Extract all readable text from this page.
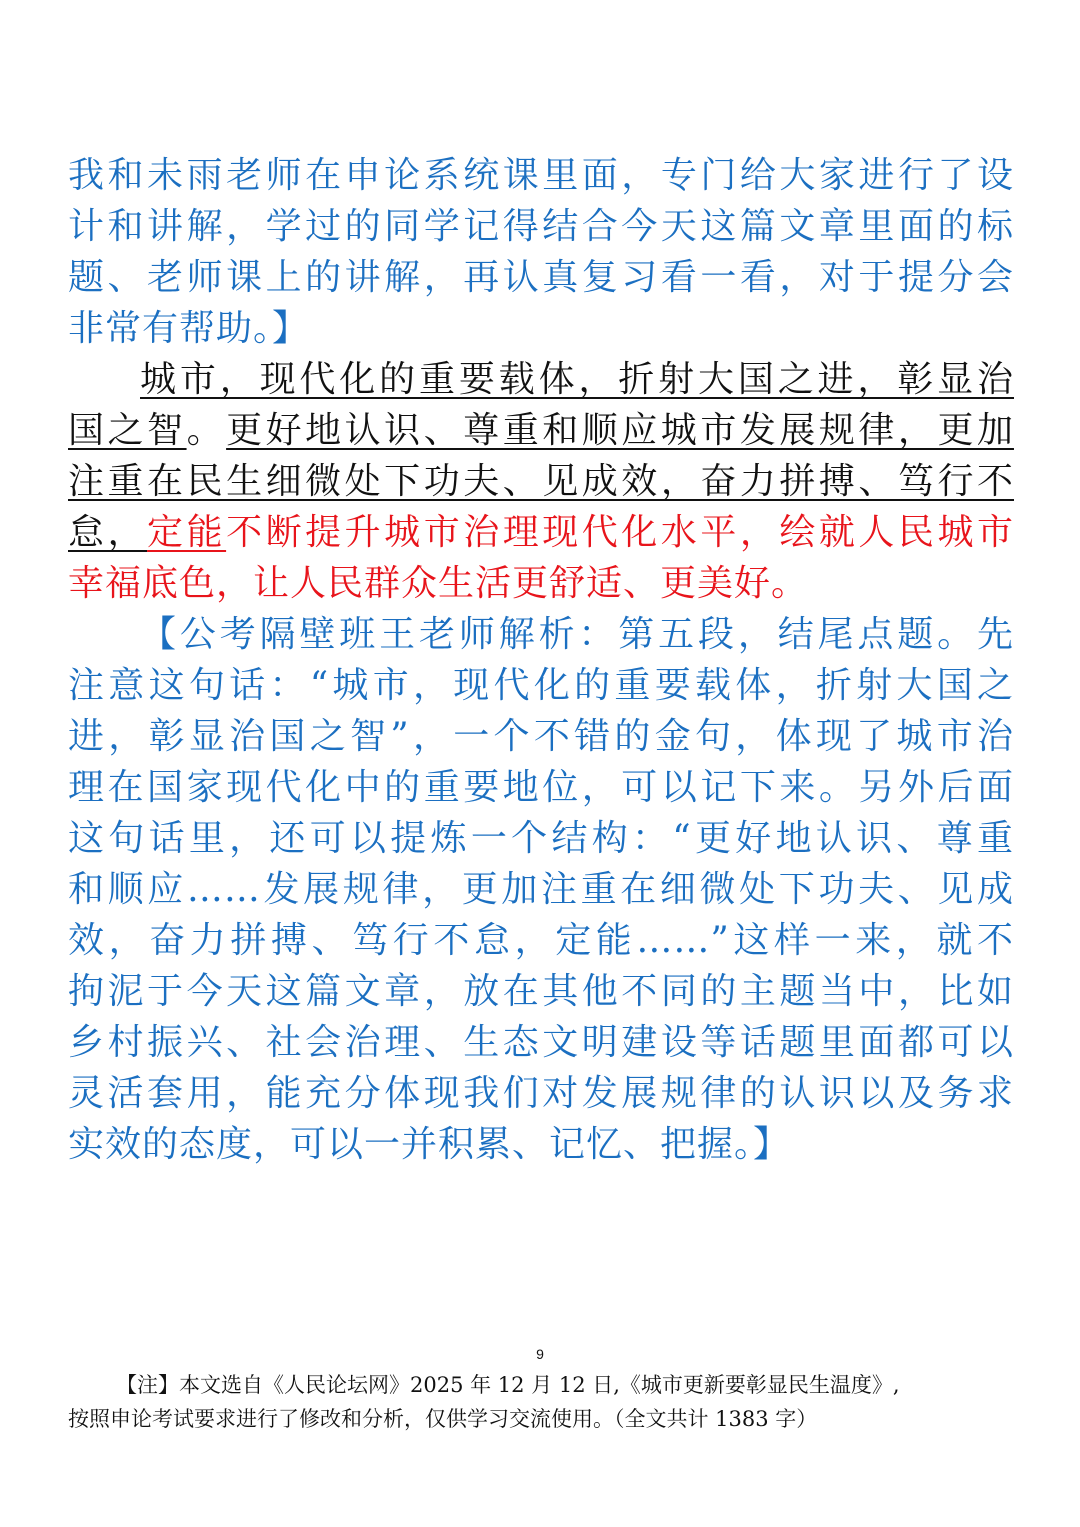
我和未雨老师在申论系统课里面，专门给大家进行了设
计和讲解，学过的同学记得结合今天这篇文章里面的标
题、老师课上的讲解，再认真复习看一看，对于提分会
非常有帮助。】
城市，现代化的重要载体，折射大国之进，彰显治
国之智。更好地认识、尊重和顺应城市发展规律，更加
注重在民生细微处下功夫、见成效，奋力拼搏、笃行不
怠，定能不断提升城市治理现代化水平，绘就人民城市
幸福底色，让人民群众生活更舒适、更美好。
【公考隔壁班王老师解析：第五段，结尾点题。先
注意这句话：“城市，现代化的重要载体，折射大国之
进，彰显治国之智”，一个不错的金句，体现了城市治
理在国家现代化中的重要地位，可以记下来。另外后面
这句话里，还可以提炼一个结构：“更好地认识、尊重
和顺应……发展规律，更加注重在细微处下功夫、见成
效，奋力拼搏、笃行不怠，定能……”这样一来，就不
拘泥于今天这篇文章，放在其他不同的主题当中，比如
乡村振兴、社会治理、生态文明建设等话题里面都可以
灵活套用，能充分体现我们对发展规律的认识以及务求
实效的态度，可以一并积累、记忆、把握。】
9
【注】本文选自《人民论坛网》2025 年 12 月 12 日,《城市更新要彰显民生温度》,
按照申论考试要求进行了修改和分析，仅供学习交流使用。（全文共计 1383 字）
